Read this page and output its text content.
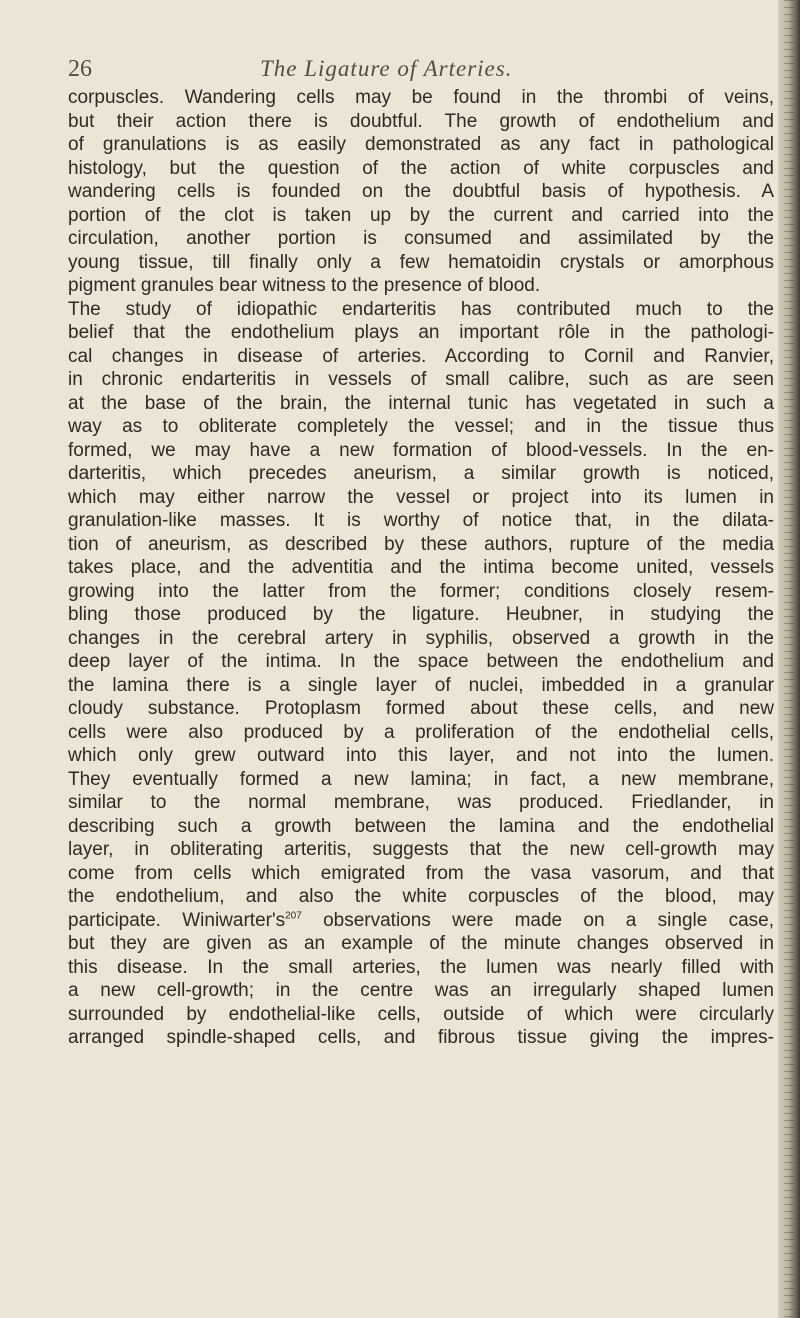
26	The Ligature of Arteries.
corpuscles. Wandering cells may be found in the thrombi of veins,
but their action there is doubtful. The growth of endothelium and
of granulations is as easily demonstrated as any fact in pathological
histology, but the question of the action of white corpuscles and
wandering cells is founded on the doubtful basis of hypothesis. A
portion of the clot is taken up by the current and carried into the
circulation, another portion is consumed and assimilated by the
young tissue, till finally only a few hematoidin crystals or amorphous
pigment granules bear witness to the presence of blood.
The study of idiopathic endarteritis has contributed much to the
belief that the endothelium plays an important rôle in the pathologi-
cal changes in disease of arteries. According to Cornil and Ranvier,
in chronic endarteritis in vessels of small calibre, such as are seen
at the base of the brain, the internal tunic has vegetated in such a
way as to obliterate completely the vessel; and in the tissue thus
formed, we may have a new formation of blood-vessels. In the en-
darteritis, which precedes aneurism, a similar growth is noticed,
which may either narrow the vessel or project into its lumen in
granulation-like masses. It is worthy of notice that, in the dilata-
tion of aneurism, as described by these authors, rupture of the media
takes place, and the adventitia and the intima become united, vessels
growing into the latter from the former; conditions closely resem-
bling those produced by the ligature. Heubner, in studying the
changes in the cerebral artery in syphilis, observed a growth in the
deep layer of the intima. In the space between the endothelium and
the lamina there is a single layer of nuclei, imbedded in a granular
cloudy substance. Protoplasm formed about these cells, and new
cells were also produced by a proliferation of the endothelial cells,
which only grew outward into this layer, and not into the lumen.
They eventually formed a new lamina; in fact, a new membrane,
similar to the normal membrane, was produced. Friedlander, in
describing such a growth between the lamina and the endothelial
layer, in obliterating arteritis, suggests that the new cell-growth may
come from cells which emigrated from the vasa vasorum, and that
the endothelium, and also the white corpuscles of the blood, may
participate. $Winiwarter's^{207}$ observations were made on a single case,
but they are given as an example of the minute changes observed in
this disease. In the small arteries, the lumen was nearly filled with
a new cell-growth; in the centre was an irregularly shaped lumen
surrounded by endothelial-like cells, outside of which were circularly
arranged spindle-shaped cells, and fibrous tissue giving the impres-
